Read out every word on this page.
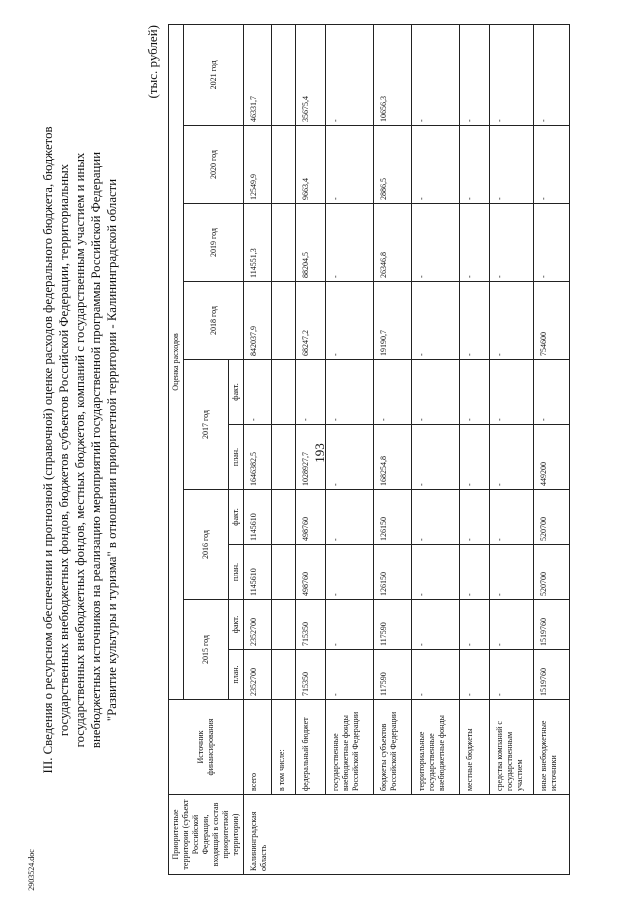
193
2903524.doc
III. Сведения о ресурсном обеспечении и прогнозной (справочной) оценке расходов федерального бюджета, бюджетов государственных внебюджетных фондов, бюджетов субъектов Российской Федерации, территориальных государственных внебюджетных фондов, местных бюджетов, компаний с государственным участием и иных внебюджетных источников на реализацию мероприятий государственной программы Российской Федерации "Развитие культуры и туризма" в отношении приоритетной территории - Калининградской области
(тыс. рублей)
Приоритетные территории (субъект Российской Федерации, входящий в состав приоритетной территории)	Источник финансирования	Оценка расходов									
		2015 год		2016 год		2017 год		2018 год	2019 год	2020 год	2021 год
		план.	факт.	план.	факт.	план.	факт.				
Калининградская область	всего	2352700	2352700	1145610	1145610	1646382,5	-	842037,9	114551,3	12549,9	46331,7
	в том числе:										
	федеральный бюджет	715350	715350	498760	498760	1028927,7	-	68247,2	88204,5	9663,4	35675,4
	государственные внебюджетные фонды Российской Федерации	-	-	-	-	-	-	-	-	-	-
	бюджеты субъектов Российской Федерации	117590	117590	126150	126150	168254,8	-	19190,7	26346,8	2886,5	10656,3
	территориальные государственные внебюджетные фонды	-	-	-	-	-	-	-	-	-	-
	местные бюджеты	-	-	-	-	-	-	-	-	-	-
	средства компаний с государственным участием	-	-	-	-	-	-	-	-	-	-
	иные внебюджетные источники	1519760	1519760	520700	520700	449200	-	754600	-	-	-
